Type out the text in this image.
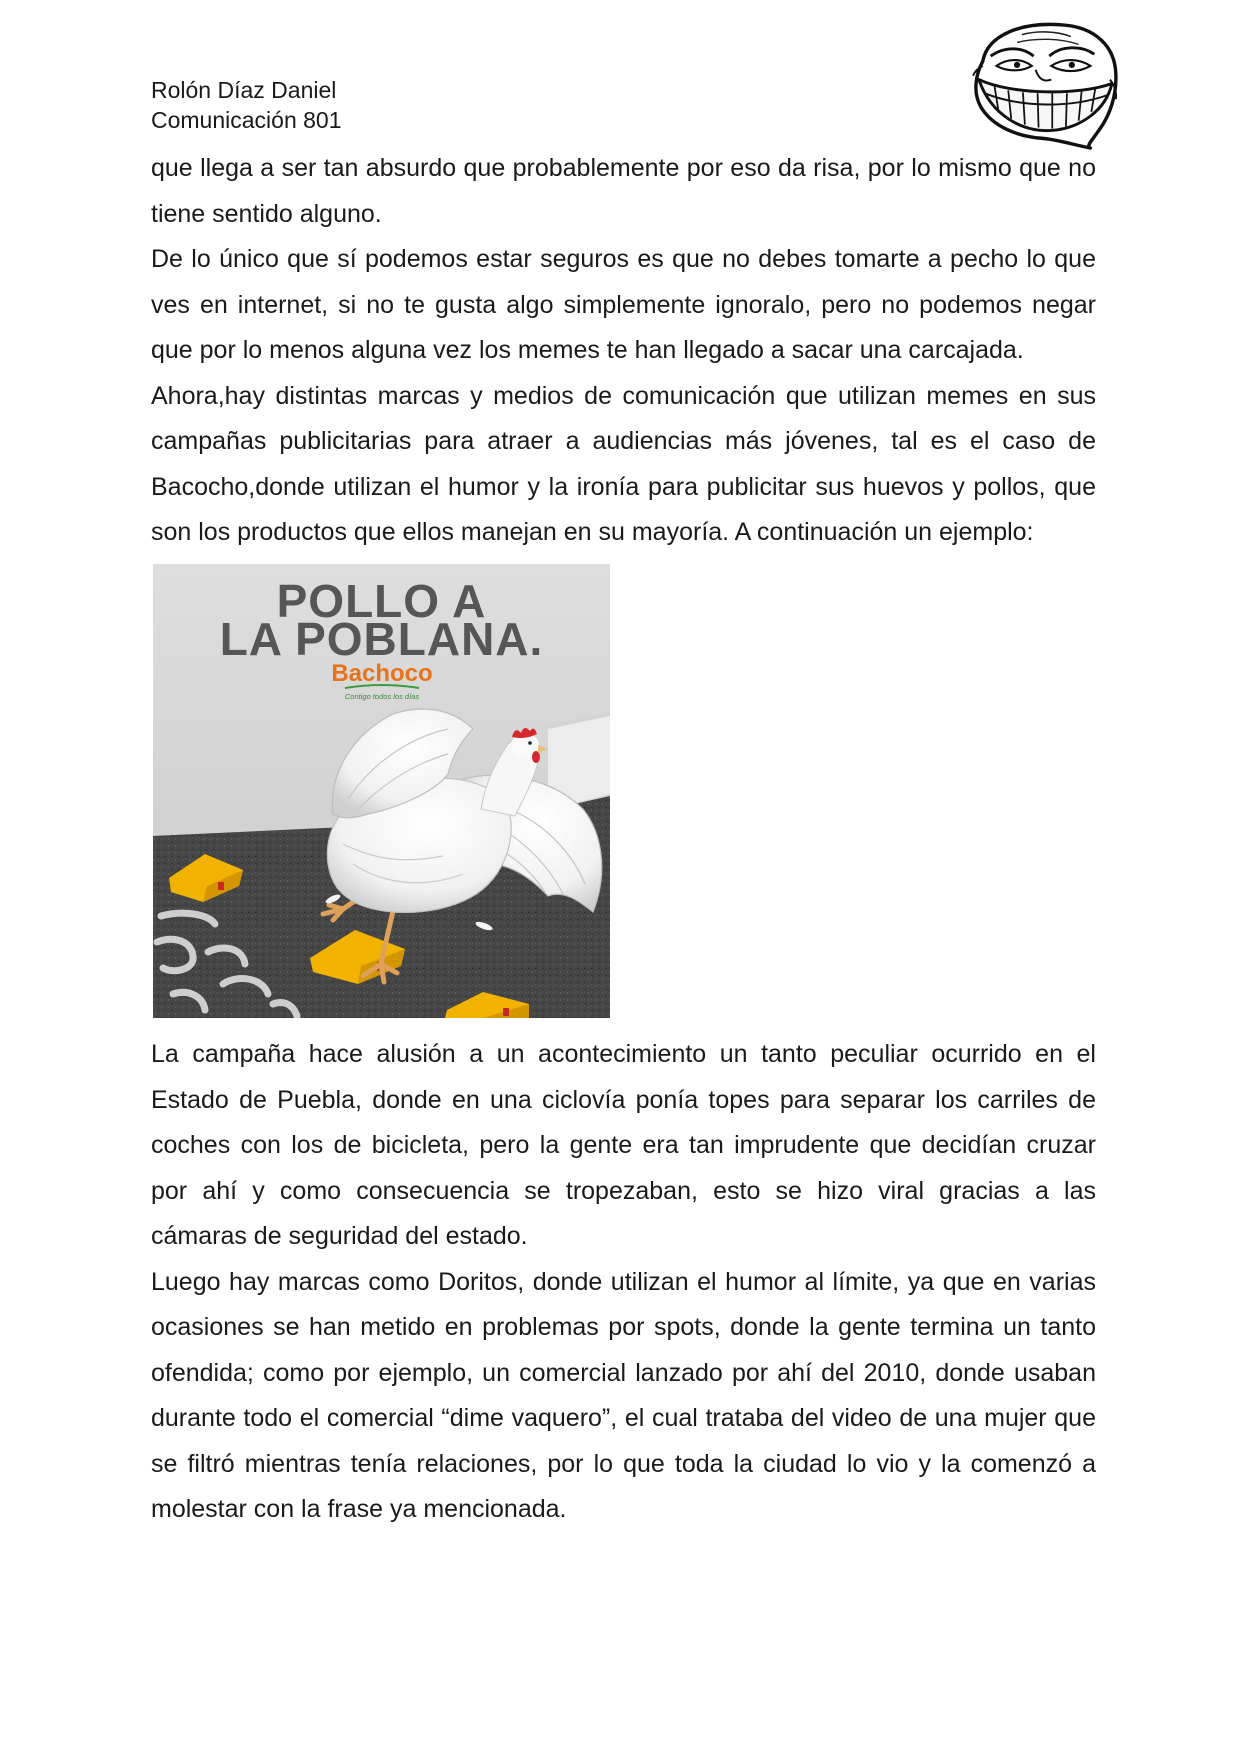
Rolón Díaz Daniel
Comunicación 801
que llega a ser tan absurdo que probablemente por eso da risa, por lo mismo que no
tiene sentido alguno.
De lo único que sí podemos estar seguros es que no debes tomarte a pecho lo que
ves en internet, si no te gusta algo simplemente ignoralo, pero no podemos negar
que por lo menos alguna vez los memes te han llegado a sacar una carcajada.
Ahora,hay distintas marcas y medios de comunicación que utilizan memes en sus
campañas publicitarias para atraer a audiencias más jóvenes, tal es el caso de
Bacocho,donde utilizan el humor y la ironía para publicitar sus huevos y pollos, que
son los productos que ellos manejan en su mayoría. A continuación un ejemplo:
POLLO A
LA POBLANA.
Bachoco
Contigo todos los días
La campaña hace alusión a un acontecimiento un tanto peculiar ocurrido en el
Estado de Puebla, donde en una ciclovía ponía topes para separar los carriles de
coches con los de bicicleta, pero la gente era tan imprudente que decidían cruzar
por ahí y como consecuencia se tropezaban, esto se hizo viral gracias a las
cámaras de seguridad del estado.
Luego hay marcas como Doritos, donde utilizan el humor al límite, ya que en varias
ocasiones se han metido en problemas por spots, donde la gente termina un tanto
ofendida; como por ejemplo, un comercial lanzado por ahí del 2010, donde usaban
durante todo el comercial “dime vaquero”, el cual trataba del video de una mujer que
se filtró mientras tenía relaciones, por lo que toda la ciudad lo vio y la comenzó a
molestar con la frase ya mencionada.
